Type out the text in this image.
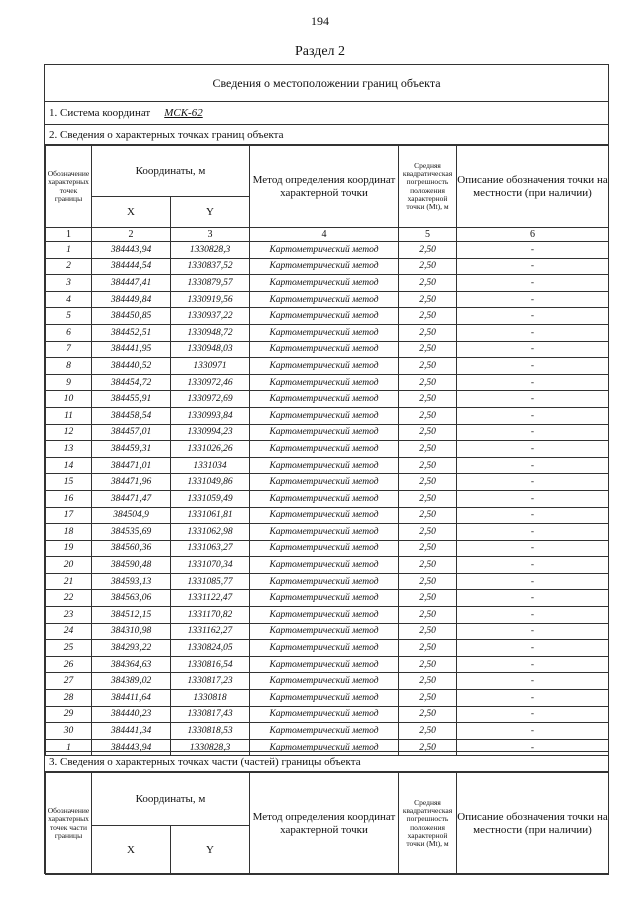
194
Раздел 2
Сведения о местоположении границ объекта
1. Система координат МСК-62
2. Сведения о характерных точках границ объекта
Обозначение характерных точек границы	Координаты, м		Метод определения координат характерной точки	Средняя квадратическая погрешность положения характерной точки (Mt), м	Описание обозначения точки на местности (при наличии)
	X	Y			
1	2	3	4	5	6
1	384443,94	1330828,3	Картометрический метод	2,50	-
2	384444,54	1330837,52	Картометрический метод	2,50	-
3	384447,41	1330879,57	Картометрический метод	2,50	-
4	384449,84	1330919,56	Картометрический метод	2,50	-
5	384450,85	1330937,22	Картометрический метод	2,50	-
6	384452,51	1330948,72	Картометрический метод	2,50	-
7	384441,95	1330948,03	Картометрический метод	2,50	-
8	384440,52	1330971	Картометрический метод	2,50	-
9	384454,72	1330972,46	Картометрический метод	2,50	-
10	384455,91	1330972,69	Картометрический метод	2,50	-
11	384458,54	1330993,84	Картометрический метод	2,50	-
12	384457,01	1330994,23	Картометрический метод	2,50	-
13	384459,31	1331026,26	Картометрический метод	2,50	-
14	384471,01	1331034	Картометрический метод	2,50	-
15	384471,96	1331049,86	Картометрический метод	2,50	-
16	384471,47	1331059,49	Картометрический метод	2,50	-
17	384504,9	1331061,81	Картометрический метод	2,50	-
18	384535,69	1331062,98	Картометрический метод	2,50	-
19	384560,36	1331063,27	Картометрический метод	2,50	-
20	384590,48	1331070,34	Картометрический метод	2,50	-
21	384593,13	1331085,77	Картометрический метод	2,50	-
22	384563,06	1331122,47	Картометрический метод	2,50	-
23	384512,15	1331170,82	Картометрический метод	2,50	-
24	384310,98	1331162,27	Картометрический метод	2,50	-
25	384293,22	1330824,05	Картометрический метод	2,50	-
26	384364,63	1330816,54	Картометрический метод	2,50	-
27	384389,02	1330817,23	Картометрический метод	2,50	-
28	384411,64	1330818	Картометрический метод	2,50	-
29	384440,23	1330817,43	Картометрический метод	2,50	-
30	384441,34	1330818,53	Картометрический метод	2,50	-
1	384443,94	1330828,3	Картометрический метод	2,50	-
3. Сведения о характерных точках части (частей) границы объекта
Обозначение характерных точек части границы	Координаты, м		Метод определения координат характерной точки	Средняя квадратическая погрешность положения характерной точки (Mt), м	Описание обозначения точки на местности (при наличии)
	X	Y			
